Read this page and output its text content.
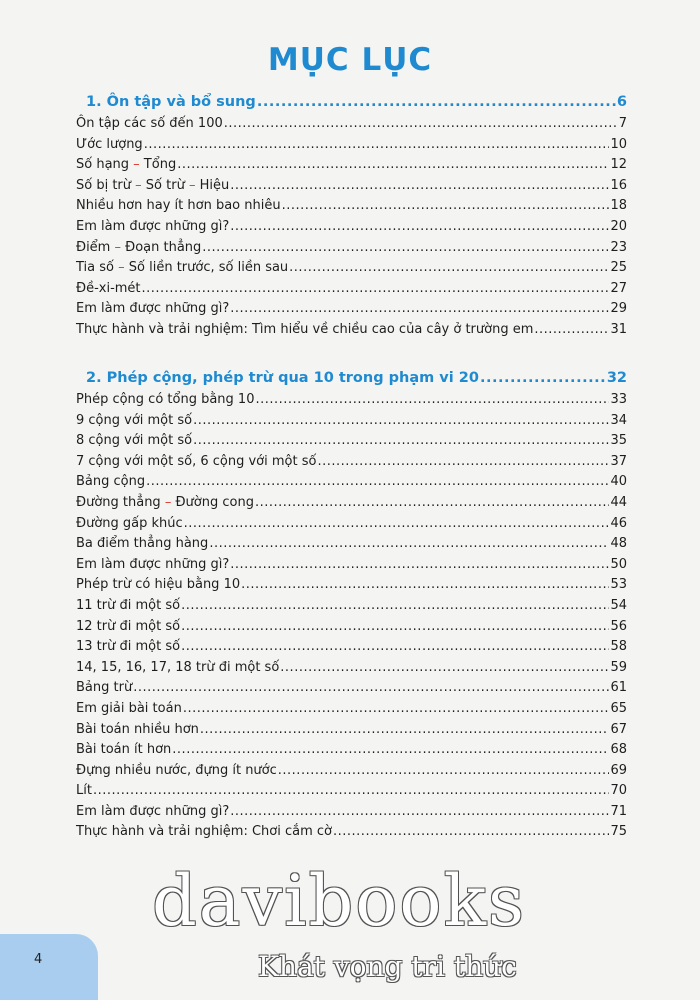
MỤC LỤC
1. Ôn tập và bổ sung .....	6
Ôn tập các số đến 100 .....	7
Ước lượng .....	10
Số hạng – Tổng .....	12
Số bị trừ – Số trừ – Hiệu .....	16
Nhiều hơn hay ít hơn bao nhiêu .....	18
Em làm được những gì? .....	20
Điểm – Đoạn thẳng .....	23
Tia số – Số liền trước, số liền sau .....	25
Đề-xi-mét .....	27
Em làm được những gì? .....	29
Thực hành và trải nghiệm: Tìm hiểu về chiều cao của cây ở trường em .....	31
2. Phép cộng, phép trừ qua 10 trong phạm vi 20 .....	32
Phép cộng có tổng bằng 10 .....	33
9 cộng với một số .....	34
8 cộng với một số .....	35
7 cộng với một số, 6 cộng với một số .....	37
Bảng cộng .....	40
Đường thẳng – Đường cong .....	44
Đường gấp khúc .....	46
Ba điểm thẳng hàng .....	48
Em làm được những gì? .....	50
Phép trừ có hiệu bằng 10 .....	53
11 trừ đi một số .....	54
12 trừ đi một số .....	56
13 trừ đi một số .....	58
14, 15, 16, 17, 18 trừ đi một số .....	59
Bảng trừ .....	61
Em giải bài toán .....	65
Bài toán nhiều hơn .....	67
Bài toán ít hơn .....	68
Đựng nhiều nước, đựng ít nước .....	69
Lít .....	70
Em làm được những gì? .....	71
Thực hành và trải nghiệm: Chơi cắm cờ .....	75
4
davibooks
Khát vọng tri thức
